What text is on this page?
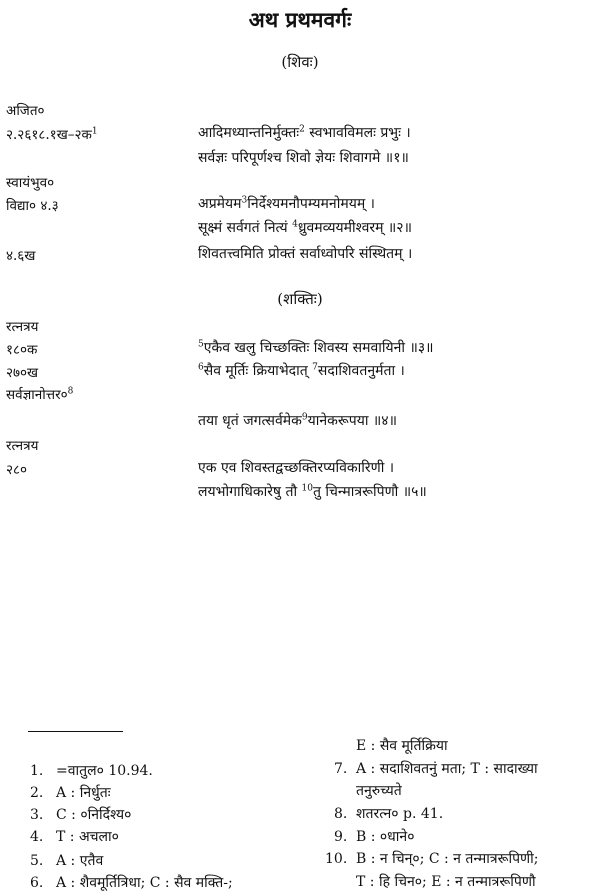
अथ प्रथमवर्गः
(शिवः)
अजित०
२.२६१८.१ख–२क$^1$	आदिमध्यान्तनिर्मुक्तः$^2$ स्वभावविमलः प्रभुः ।
सर्वज्ञः परिपूर्णश्च शिवो ज्ञेयः शिवागमे ॥१॥
स्वायंभुव०
विद्या० ४.३	अप्रमेयम$^3$निर्देश्यमनौपम्यमनोमयम् ।
सूक्ष्मं सर्वगतं नित्यं $^4$ध्रुवमव्ययमीश्वरम् ॥२॥
४.६ख	शिवतत्त्वमिति प्रोक्तं सर्वाध्वोपरि संस्थितम् ।
(शक्तिः)
रत्नत्रय
१८०क	$^5$एकैव खलु चिच्छक्तिः शिवस्य समवायिनी ॥३॥
२७०ख	$^6$सैव मूर्तिः क्रियाभेदात् $^7$सदाशिवतनुर्मता ।
$सर्वज्ञानोत्तर०^8$
तया धृतं जगत्सर्वमेक$^9$यानेकरूपया ॥४॥
रत्नत्रय
२८०	एक एव शिवस्तद्वच्छक्तिरप्यविकारिणी ।
लयभोगाधिकारेषु तौ $^{10}$तु चिन्मात्ररूपिणौ ॥५॥
1. =वातुल० 10.94.
2. A : निर्धुतः
3. C : ०निर्दिश्य०
4. T : अचला०
5. A : एतैव
6. A : शैवमूर्तित्रिधा; C : सैव मक्ति-;
E : सैव मूर्तिक्रिया
7. A : सदाशिवतनुं मता; T : सादाख्या
तनुरुच्यते
8. शतरत्न० p. 41.
9. B : ०धाने०
10. B : न चिन्०; C : न तन्मात्ररूपिणी;
T : हि चिन०; E : न तन्मात्ररूपिणौ
